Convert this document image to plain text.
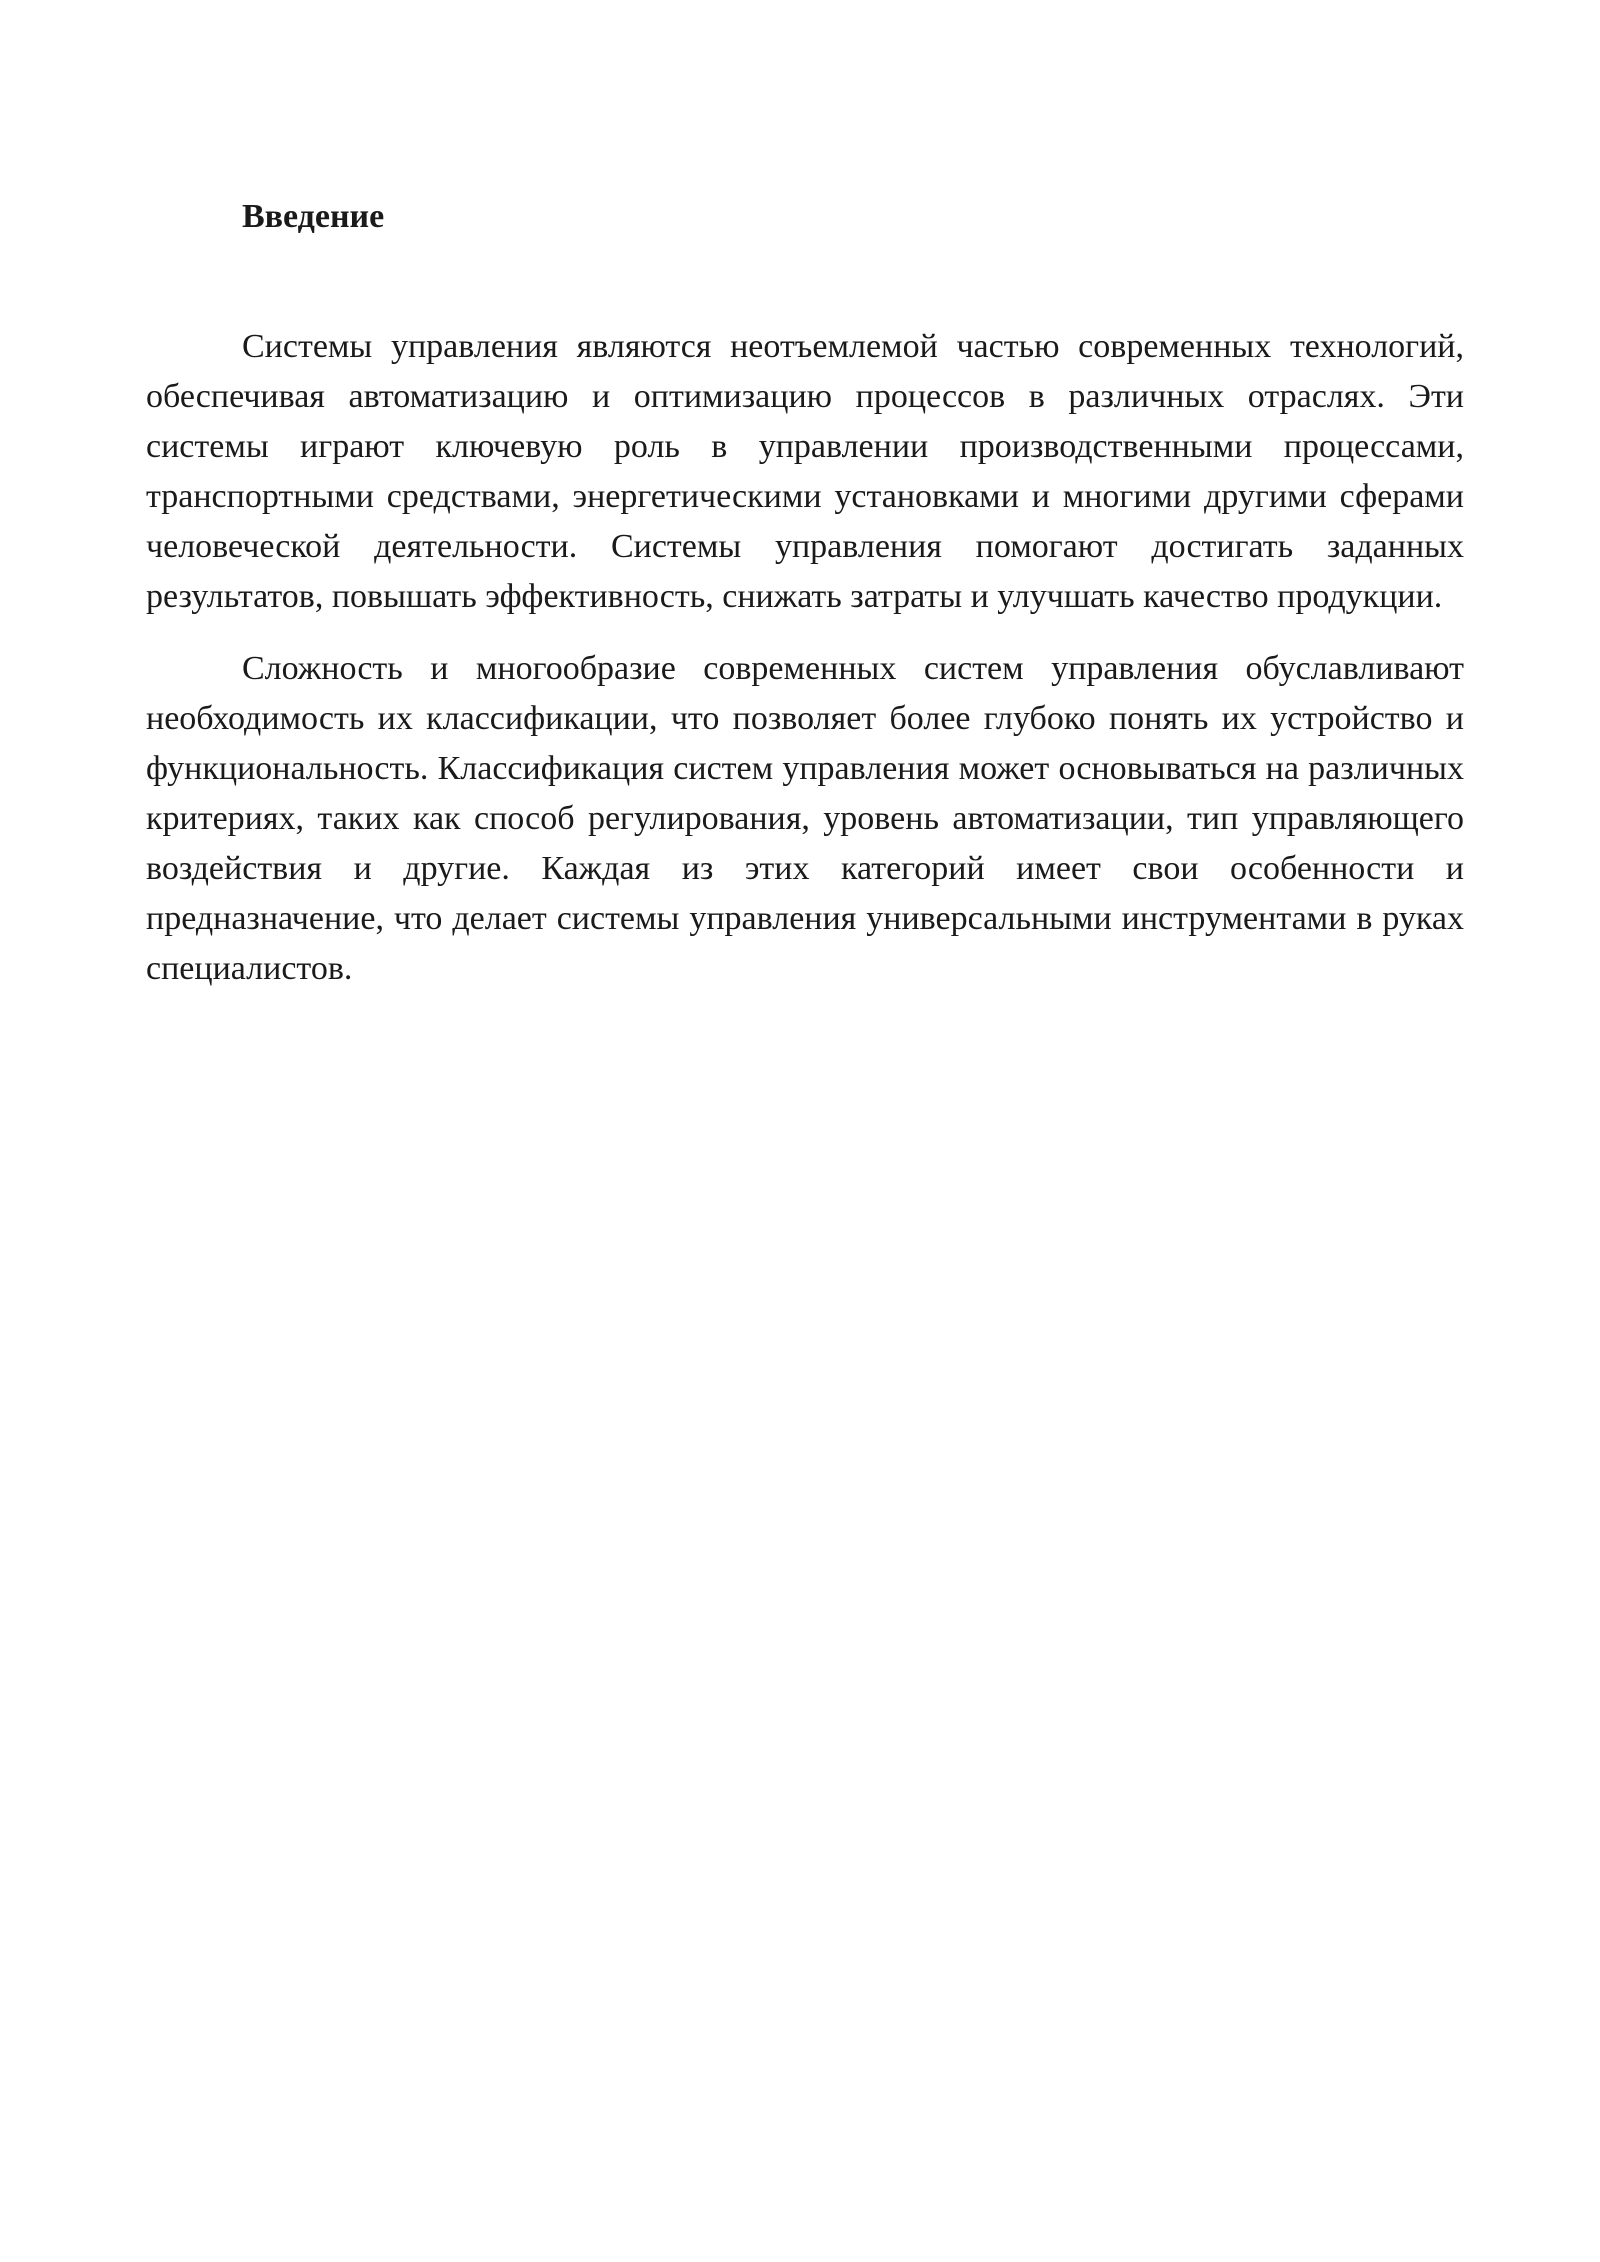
Введение

Системы управления являются неотъемлемой частью современных технологий, обеспечивая автоматизацию и оптимизацию процессов в различных отраслях. Эти системы играют ключевую роль в управлении производственными процессами, транспортными средствами, энергетическими установками и многими другими сферами человеческой деятельности. Системы управления помогают достигать заданных результатов, повышать эффективность, снижать затраты и улучшать качество продукции.

Сложность и многообразие современных систем управления обуславливают необходимость их классификации, что позволяет более глубоко понять их устройство и функциональность. Классификация систем управления может основываться на различных критериях, таких как способ регулирования, уровень автоматизации, тип управляющего воздействия и другие. Каждая из этих категорий имеет свои особенности и предназначение, что делает системы управления универсальными инструментами в руках специалистов.
